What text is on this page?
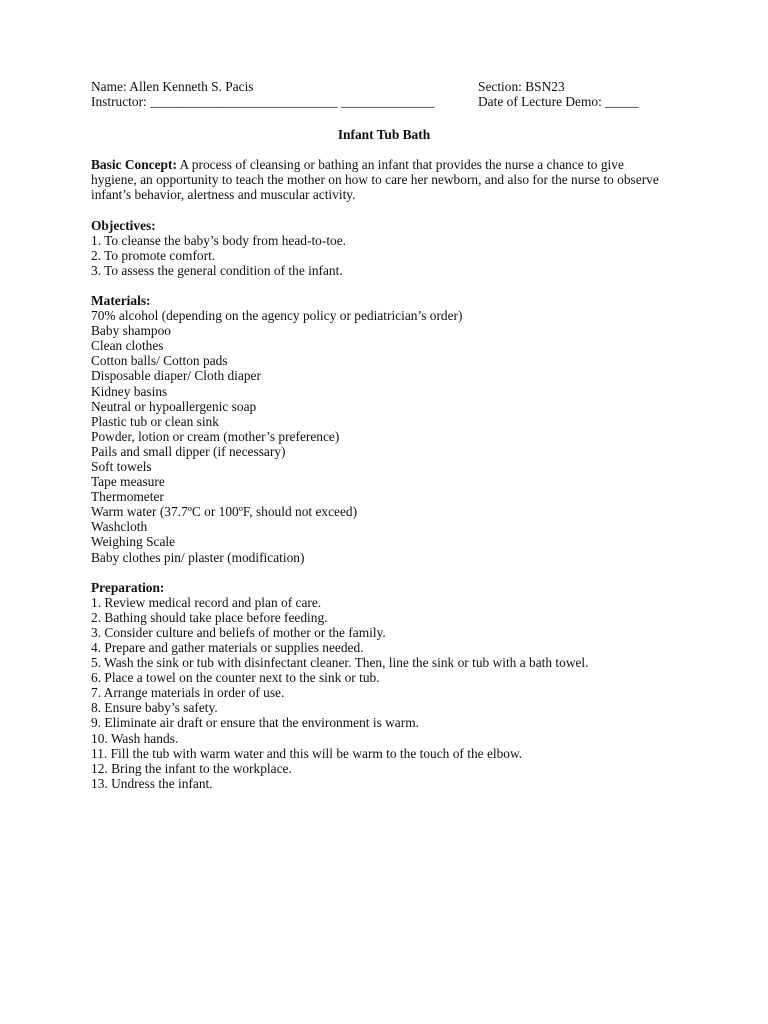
Name: Allen Kenneth S. Pacis	Section: BSN23
Instructor: ____________________________ ______________	Date of Lecture Demo: _____
Infant Tub Bath

Basic Concept: A process of cleansing or bathing an infant that provides the nurse a chance to give hygiene, an opportunity to teach the mother on how to care her newborn, and also for the nurse to observe infant’s behavior, alertness and muscular activity.

Objectives:
1. To cleanse the baby’s body from head-to-toe.
2. To promote comfort.
3. To assess the general condition of the infant.
Materials:
70% alcohol (depending on the agency policy or pediatrician’s order)
Baby shampoo
Clean clothes
Cotton balls/ Cotton pads
Disposable diaper/ Cloth diaper
Kidney basins
Neutral or hypoallergenic soap
Plastic tub or clean sink
Powder, lotion or cream (mother’s preference)
Pails and small dipper (if necessary)
Soft towels
Tape measure
Thermometer
Warm water (37.7ºC or 100ºF, should not exceed)
Washcloth
Weighing Scale
Baby clothes pin/ plaster (modification)
Preparation:
1. Review medical record and plan of care.
2. Bathing should take place before feeding.
3. Consider culture and beliefs of mother or the family.
4. Prepare and gather materials or supplies needed.
5. Wash the sink or tub with disinfectant cleaner. Then, line the sink or tub with a bath towel.
6. Place a towel on the counter next to the sink or tub.
7. Arrange materials in order of use.
8. Ensure baby’s safety.
9. Eliminate air draft or ensure that the environment is warm.
10. Wash hands.
11. Fill the tub with warm water and this will be warm to the touch of the elbow.
12. Bring the infant to the workplace.
13. Undress the infant.
